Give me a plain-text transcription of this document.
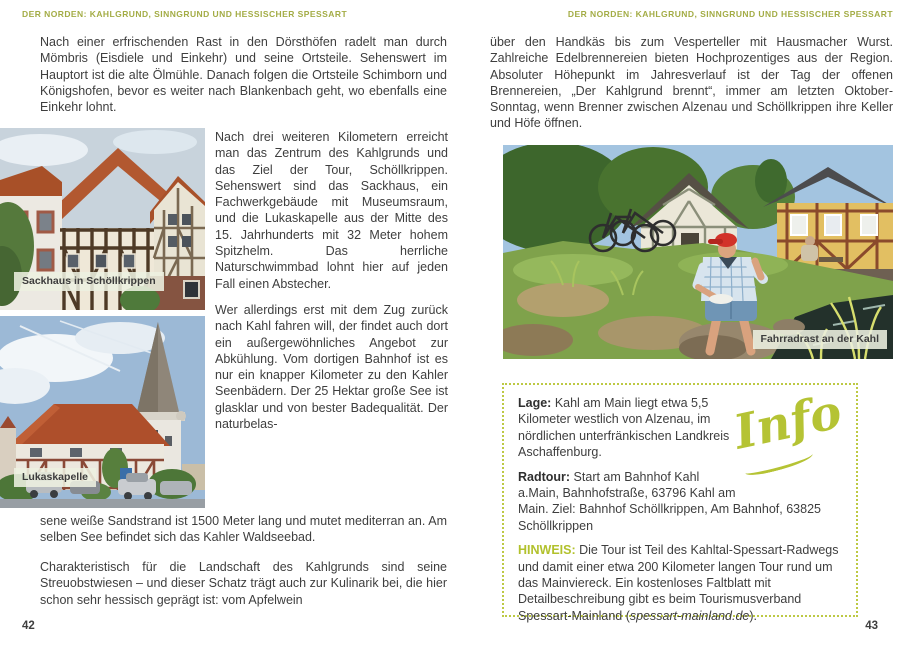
DER NORDEN: KAHLGRUND, SINNGRUND UND HESSISCHER SPESSART
Nach einer erfrischenden Rast in den Dörsthöfen radelt man durch Mömbris (Eisdiele und Einkehr) und seine Ortsteile. Sehenswert im Hauptort ist die alte Ölmühle. Danach folgen die Ortsteile Schimborn und Königshofen, bevor es weiter nach Blankenbach geht, wo ebenfalls eine Einkehr lohnt.
Sackhaus in Schöllkrippen
Lukaskapelle

Nach drei weiteren Kilometern erreicht man das Zentrum des Kahlgrunds und das Ziel der Tour, Schöllkrippen. Sehenswert sind das Sackhaus, ein Fachwerkgebäude mit Museumsraum, und die Lukaskapelle aus der Mitte des 15. Jahrhunderts mit 32 Meter hohem Spitzhelm. Das herrliche Naturschwimmbad lohnt hier auf jeden Fall einen Abstecher.

Wer allerdings erst mit dem Zug zurück nach Kahl fahren will, der findet auch dort ein außergewöhnliches Angebot zur Abkühlung. Vom dortigen Bahnhof ist es nur ein knapper Kilometer zu den Kahler Seenbädern. Der 25 Hektar große See ist glasklar und von bester Badequalität. Der naturbelas-

sene weiße Sandstrand ist 1500 Meter lang und mutet mediterran an. Am selben See befindet sich das Kahler Waldseebad.
Charakteristisch für die Landschaft des Kahlgrunds sind seine Streuobstwiesen – und dieser Schatz trägt auch zur Kulinarik bei, die hier schon sehr hessisch geprägt ist: vom Apfelwein
42
DER NORDEN: KAHLGRUND, SINNGRUND UND HESSISCHER SPESSART
über den Handkäs bis zum Vesperteller mit Hausmacher Wurst. Zahlreiche Edelbrennereien bieten Hochprozentiges aus der Region. Absoluter Höhepunkt im Jahresverlauf ist der Tag der offenen Brennereien, „Der Kahlgrund brennt“, immer am letzten Oktober-Sonntag, wenn Brenner zwischen Alzenau und Schöllkrippen ihre Keller und Höfe öffnen.
Fahrradrast an der Kahl
Info

Lage: Kahl am Main liegt etwa 5,5 Kilometer westlich von Alzenau, im nördlichen unterfränkischen Landkreis Aschaffenburg.

Radtour: Start am Bahnhof Kahl a.Main, Bahnhofstraße, 63796 Kahl am Main. Ziel: Bahnhof Schöllkrippen, Am Bahnhof, 63825 Schöllkrippen

HINWEIS: Die Tour ist Teil des Kahltal-Spessart-Radwegs und damit einer etwa 200 Kilometer langen Tour rund um das Mainviereck. Ein kostenloses Faltblatt mit Detailbeschreibung gibt es beim Tourismusverband Spessart-Mainland (spessart-mainland.de).

43
